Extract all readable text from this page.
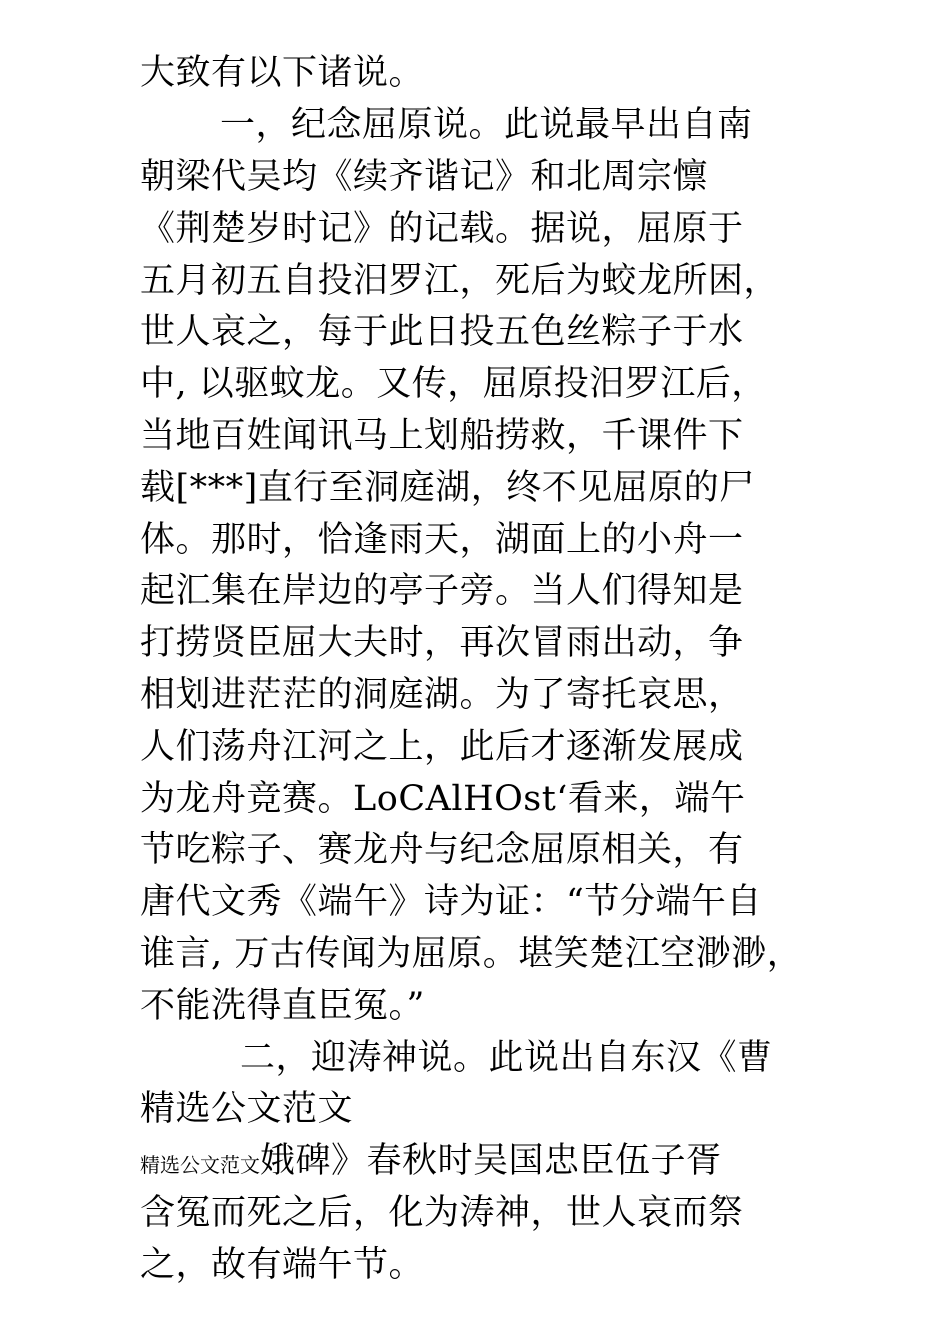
大致有以下诸说。
一，纪念屈原说。此说最早出自南
朝梁代吴均《续齐谐记》和北周宗懔
《荆楚岁时记》的记载。据说，屈原于
五月初五自投汨罗江，死后为蛟龙所困，
世人哀之，每于此日投五色丝粽子于水
中, 以驱蚊龙。又传，屈原投汨罗江后，
当地百姓闻讯马上划船捞救，千课件下
载[***]直行至洞庭湖，终不见屈原的尸
体。那时，恰逢雨天，湖面上的小舟一
起汇集在岸边的亭子旁。当人们得知是
打捞贤臣屈大夫时，再次冒雨出动，争
相划进茫茫的洞庭湖。为了寄托哀思，
人们荡舟江河之上，此后才逐渐发展成
为龙舟竞赛。LoCAlHOst‘看来，端午
节吃粽子、赛龙舟与纪念屈原相关，有
唐代文秀《端午》诗为证：“节分端午自
谁言, 万古传闻为屈原。堪笑楚江空渺渺，
不能洗得直臣冤。”
二，迎涛神说。此说出自东汉《曹
精选公文范文
精选公文范文娥碑》春秋时吴国忠臣伍子胥
含冤而死之后，化为涛神，世人哀而祭
之，故有端午节。
